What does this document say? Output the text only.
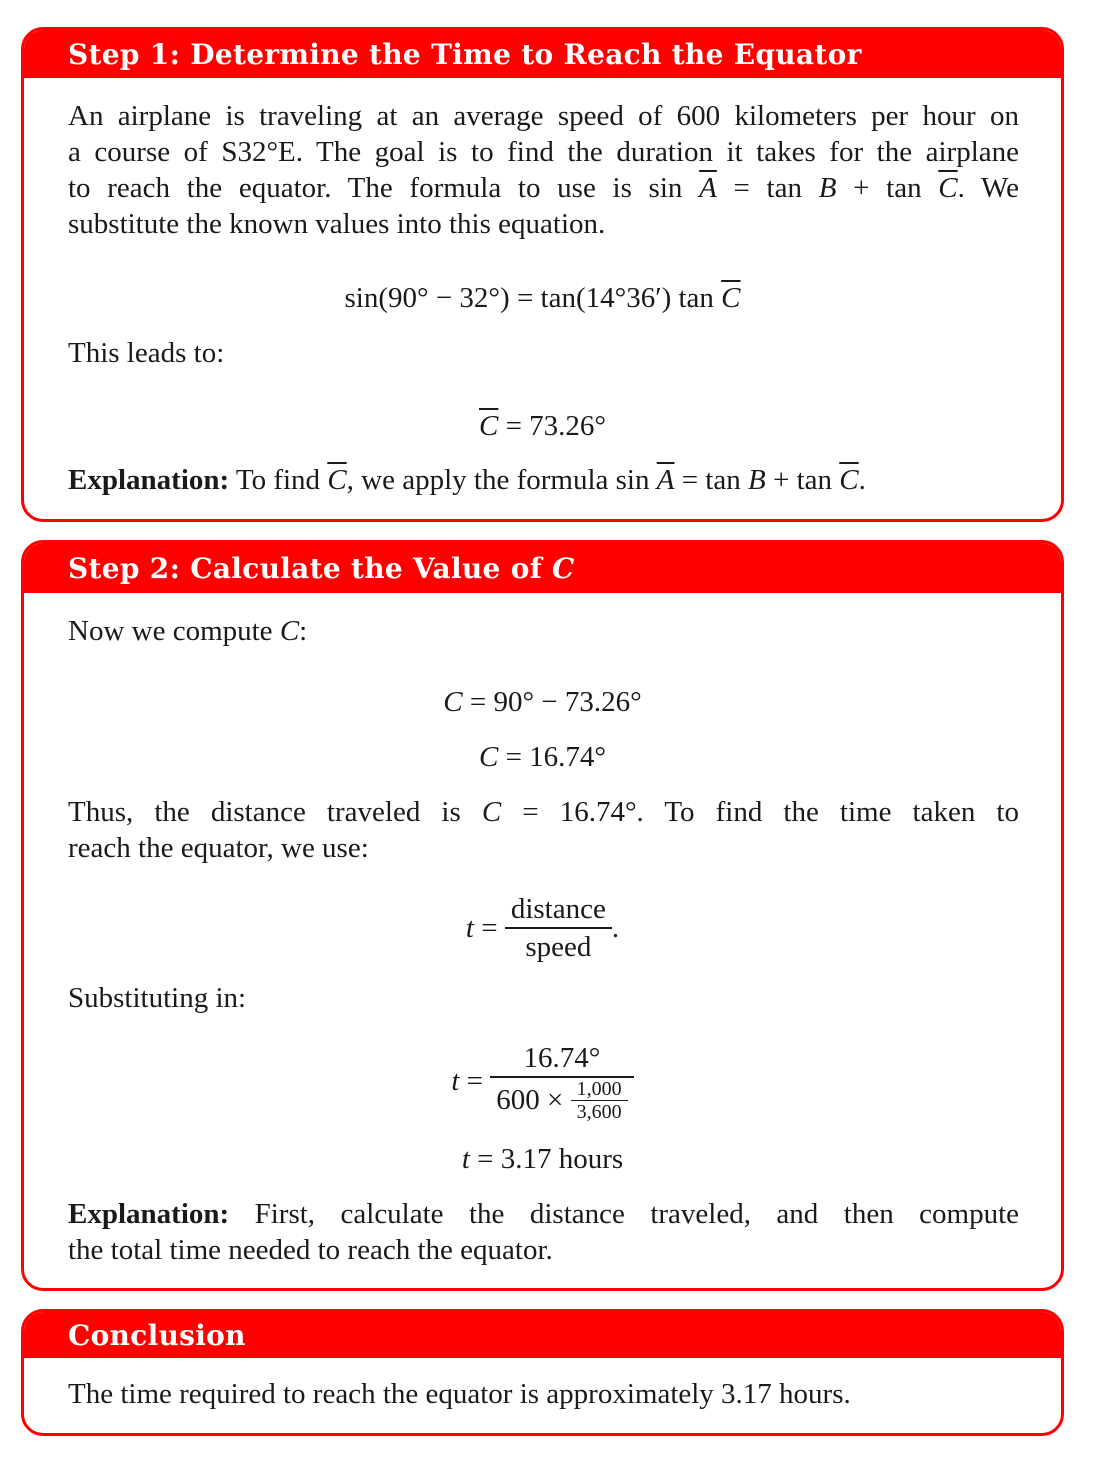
Step 1: Determine the Time to Reach the Equator
An airplane is traveling at an average speed of 600 kilometers per hour on
a course of S32°E. The goal is to find the duration it takes for the airplane
to reach the equator. The formula to use is $\sin \overline{A} = \tan B + \tan \overline{C}$. We
substitute the known values into this equation.
sin(90° − 32°) = tan(14°36′) $\tan \overline{C}$
This leads to:
$\overline{C} = 73.26^\circ$
Explanation: To find $\overline{C}$, we apply the formula $\sin \overline{A} = \tan B + \tan \overline{C}$.
Step 2: Calculate the Value of C
Now we compute C:
C = 90° − 73.26°
C = 16.74°
Thus, the distance traveled is C = 16.74°. To find the time taken to
reach the equator, we use:
$t = \frac{\text{distance}}{\text{speed}}$ .
Substituting in:
$t = \frac{16.74^\circ}{600 \times \frac{1,000}{3,600}}$
t = 3.17 hours
Explanation: First, calculate the distance traveled, and then compute
the total time needed to reach the equator.
Conclusion
The time required to reach the equator is approximately 3.17 hours.
